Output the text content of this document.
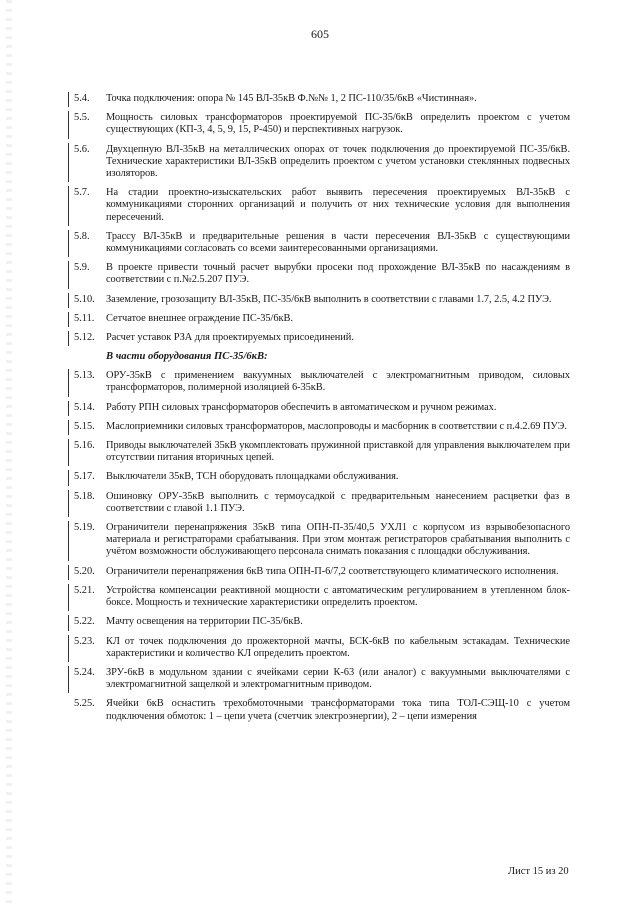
605
5.4.	Точка подключения: опора № 145 ВЛ-35кВ Ф.№№ 1, 2 ПС-110/35/6кВ «Чистинная».
5.5.	Мощность силовых трансформаторов проектируемой ПС-35/6кВ определить проектом с учетом существующих (КП-3, 4, 5, 9, 15, Р-450) и перспективных нагрузок.
5.6.	Двухцепную ВЛ-35кВ на металлических опорах от точек подключения до проектируемой ПС-35/6кВ. Технические характеристики ВЛ-35кВ определить проектом с учетом установки стеклянных подвесных изоляторов.
5.7.	На стадии проектно-изыскательских работ выявить пересечения проектируемых ВЛ-35кВ с коммуникациями сторонних организаций и получить от них технические условия для выполнения пересечений.
5.8.	Трассу ВЛ-35кВ и предварительные решения в части пересечения ВЛ-35кВ с существующими коммуникациями согласовать со всеми заинтересованными организациями.
5.9.	В проекте привести точный расчет вырубки просеки под прохождение ВЛ-35кВ по насаждениям в соответствии с п.№2.5.207 ПУЭ.
5.10.	Заземление, грозозащиту ВЛ-35кВ, ПС-35/6кВ выполнить в соответствии с главами 1.7, 2.5, 4.2 ПУЭ.
5.11.	Сетчатое внешнее ограждение ПС-35/6кВ.
5.12.	Расчет уставок РЗА для проектируемых присоединений.
В части оборудования ПС-35/6кВ:
5.13.	ОРУ-35кВ с применением вакуумных выключателей с электромагнитным приводом, силовых трансформаторов, полимерной изоляцией 6-35кВ.
5.14.	Работу РПН силовых трансформаторов обеспечить в автоматическом и ручном режимах.
5.15.	Маслоприемники силовых трансформаторов, маслопроводы и масборник в соответствии с п.4.2.69 ПУЭ.
5.16.	Приводы выключателей 35кВ укомплектовать пружинной приставкой для управления выключателем при отсутствии питания вторичных цепей.
5.17.	Выключатели 35кВ, ТСН оборудовать площадками обслуживания.
5.18.	Ошиновку ОРУ-35кВ выполнить с термоусадкой с предварительным нанесением расцветки фаз в соответствии с главой 1.1 ПУЭ.
5.19.	Ограничители перенапряжения 35кВ типа ОПН-П-35/40,5 УХЛ1 с корпусом из взрывобезопасного материала и регистраторами срабатывания. При этом монтаж регистраторов срабатывания выполнить с учётом возможности обслуживающего персонала снимать показания с площадки обслуживания.
5.20.	Ограничители перенапряжения 6кВ типа ОПН-П-6/7,2 соответствующего климатического исполнения.
5.21.	Устройства компенсации реактивной мощности с автоматическим регулированием в утепленном блок-боксе. Мощность и технические характеристики определить проектом.
5.22.	Мачту освещения на территории ПС-35/6кВ.
5.23.	КЛ от точек подключения до прожекторной мачты, БСК-6кВ по кабельным эстакадам. Технические характеристики и количество КЛ определить проектом.
5.24.	ЗРУ-6кВ в модульном здании с ячейками серии К-63 (или аналог) с вакуумными выключателями с электромагнитной защелкой и электромагнитным приводом.
5.25.	Ячейки 6кВ оснастить трехобмоточными трансформаторами тока типа ТОЛ-СЭЩ-10 с учетом подключения обмоток: 1 – цепи учета (счетчик электроэнергии), 2 – цепи измерения
Лист 15 из 20
